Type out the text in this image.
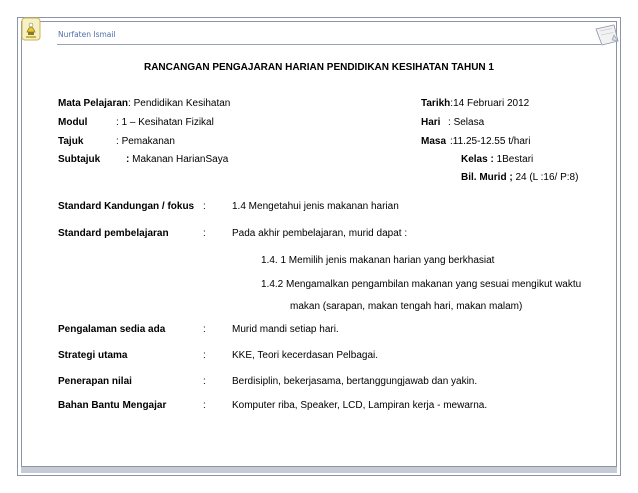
Nurfaten Ismail
RANCANGAN PENGAJARAN HARIAN PENDIDIKAN KESIHATAN TAHUN 1
Mata Pelajaran: Pendidikan Kesihatan
Modul	: 1 – Kesihatan Fizikal
Tajuk	: Pemakanan
Subtajuk	: Makanan HarianSaya
Tarikh:14 Februari 2012
Hari : Selasa
Masa :11.25-12.55 t/hari
Kelas : 1Bestari
Bil. Murid ; 24 (L :16/ P:8)
Standard Kandungan / fokus :	1.4 Mengetahui jenis makanan harian
Standard pembelajaran	:	Pada akhir pembelajaran, murid dapat :
1.4. 1 Memilih jenis makanan harian yang berkhasiat
1.4.2 Mengamalkan pengambilan makanan yang sesuai mengikut waktu
makan (sarapan, makan tengah hari, makan malam)
Pengalaman sedia ada	:	Murid mandi setiap hari.
Strategi utama	:	KKE, Teori kecerdasan Pelbagai.
Penerapan nilai	:	Berdisiplin, bekerjasama, bertanggungjawab dan yakin.
Bahan Bantu Mengajar	:	Komputer riba, Speaker, LCD, Lampiran kerja - mewarna.
